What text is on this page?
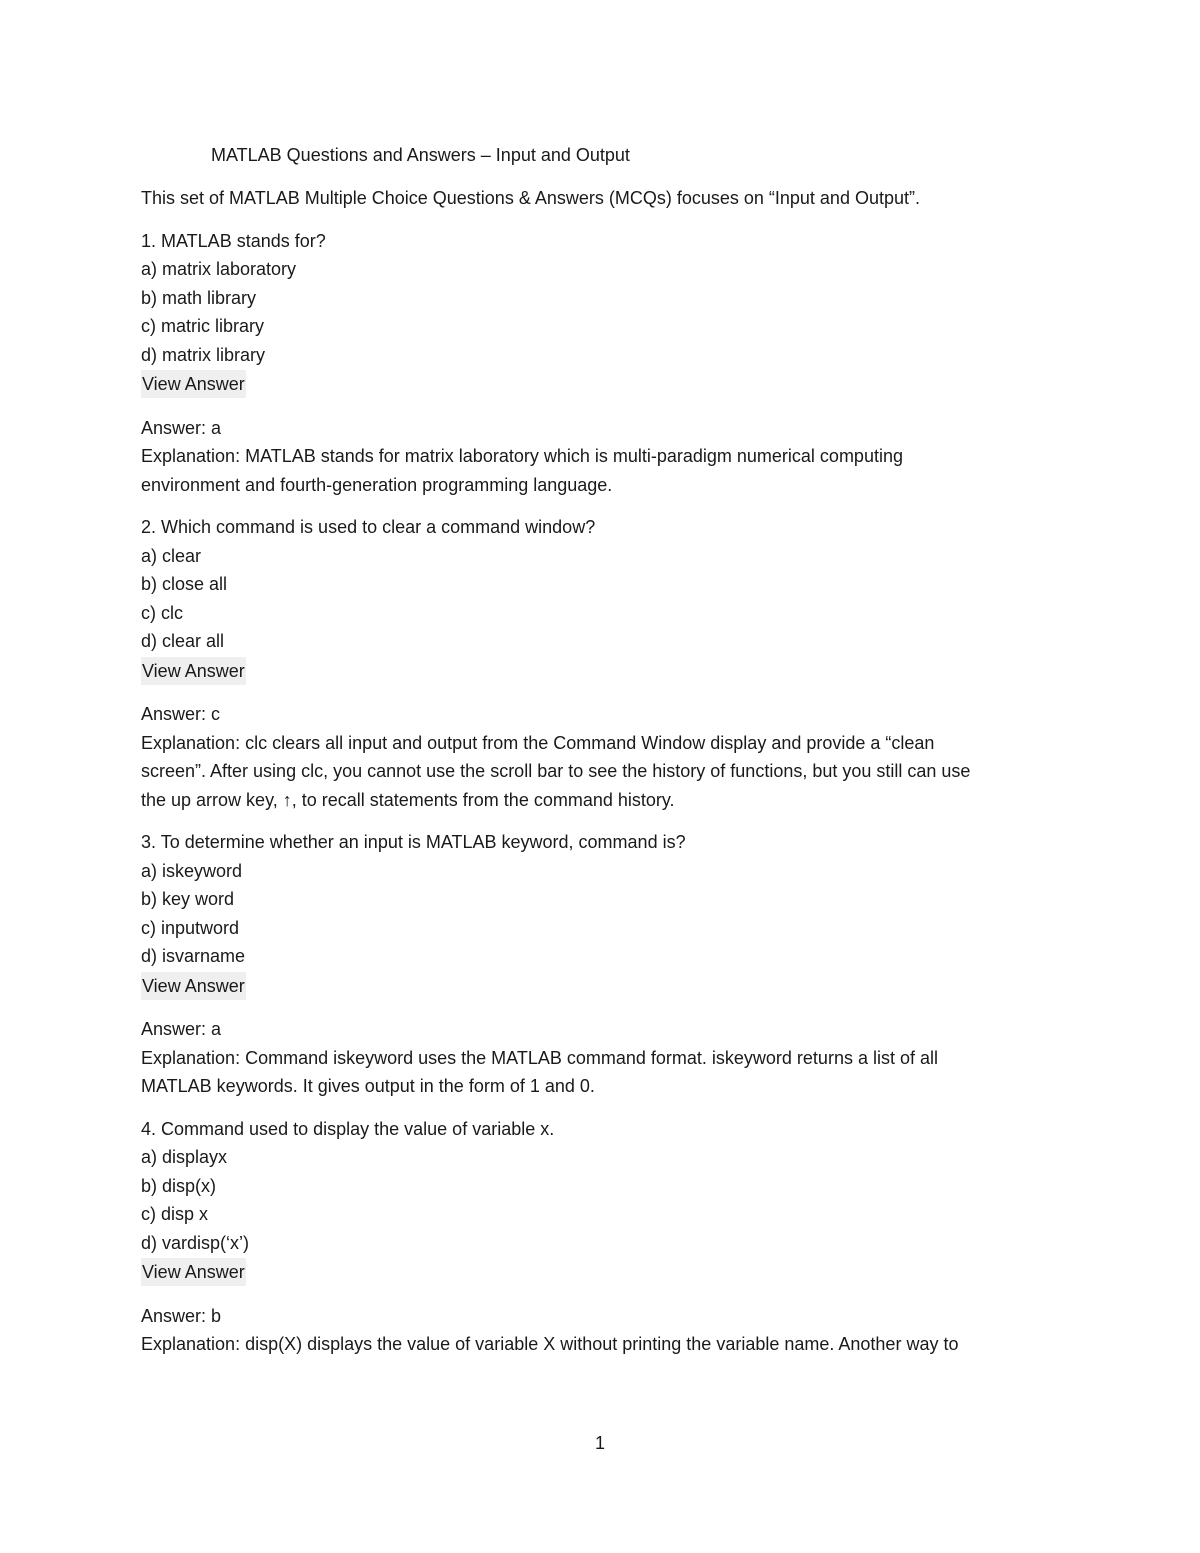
MATLAB Questions and Answers – Input and Output
This set of MATLAB Multiple Choice Questions & Answers (MCQs) focuses on “Input and Output”.
1. MATLAB stands for?
a) matrix laboratory
b) math library
c) matric library
d) matrix library
View Answer
Answer: a
Explanation: MATLAB stands for matrix laboratory which is multi-paradigm numerical computing
environment and fourth-generation programming language.
2. Which command is used to clear a command window?
a) clear
b) close all
c) clc
d) clear all
View Answer
Answer: c
Explanation: clc clears all input and output from the Command Window display and provide a “clean
screen”. After using clc, you cannot use the scroll bar to see the history of functions, but you still can use
the up arrow key, ↑, to recall statements from the command history.
3. To determine whether an input is MATLAB keyword, command is?
a) iskeyword
b) key word
c) inputword
d) isvarname
View Answer
Answer: a
Explanation: Command iskeyword uses the MATLAB command format. iskeyword returns a list of all
MATLAB keywords. It gives output in the form of 1 and 0.
4. Command used to display the value of variable x.
a) displayx
b) disp(x)
c) disp x
d) vardisp(‘x’)
View Answer
Answer: b
Explanation: disp(X) displays the value of variable X without printing the variable name. Another way to
1
